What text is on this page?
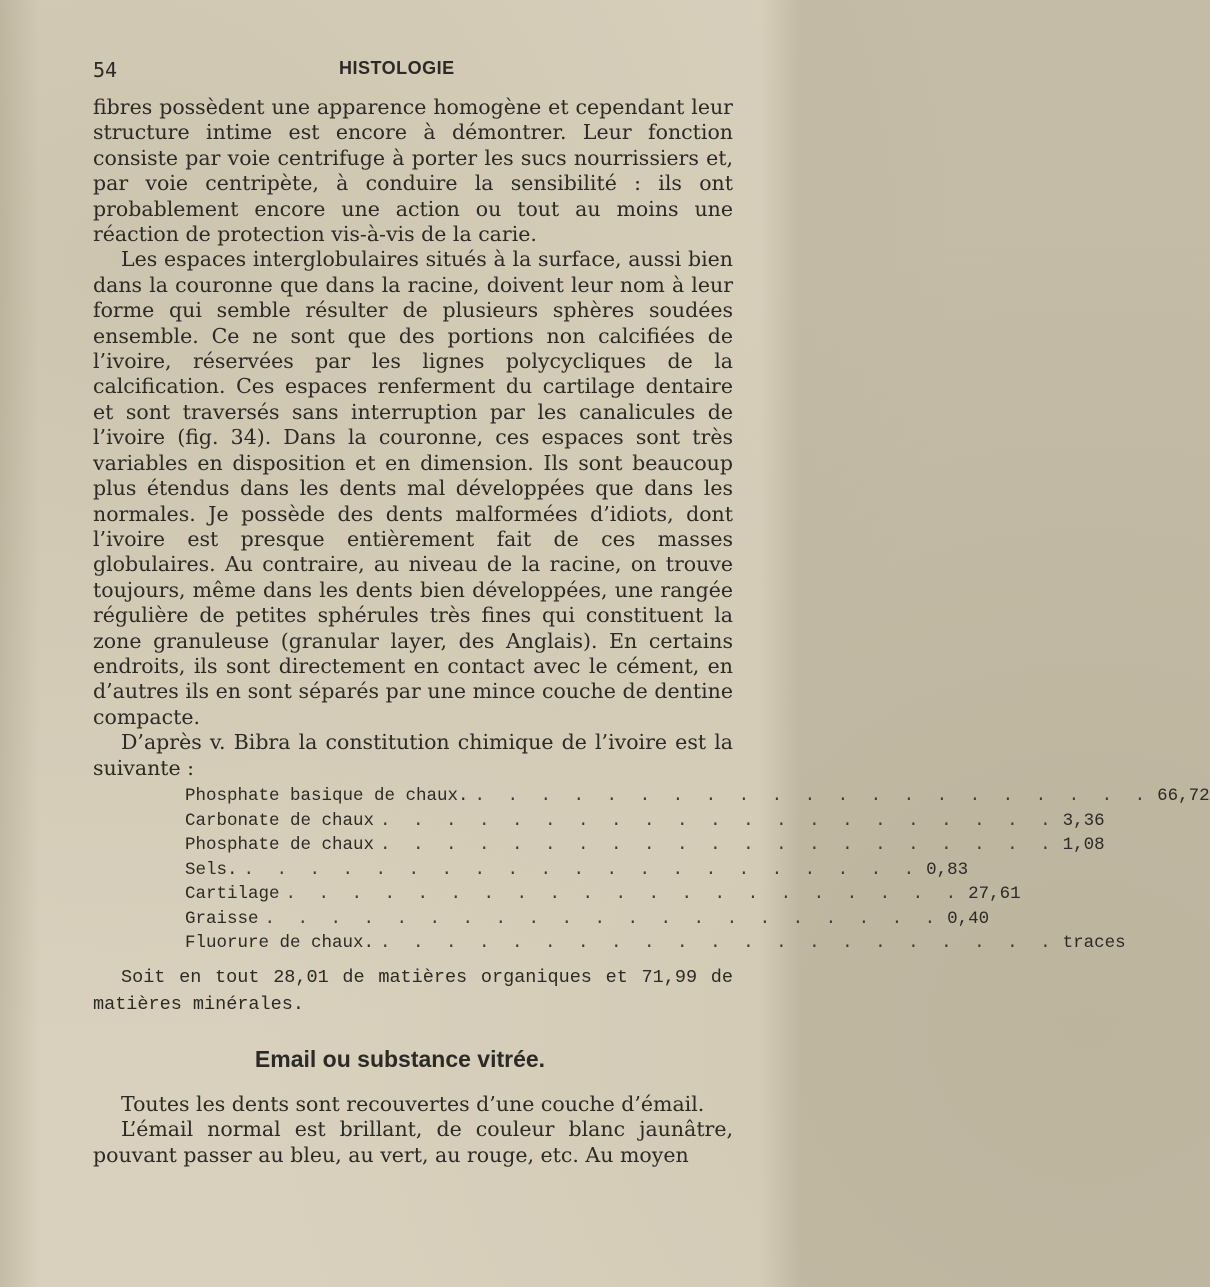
54	HISTOLOGIE

fibres possèdent une apparence homogène et cependant leur structure intime est encore à démontrer. Leur fonction consiste par voie centrifuge à porter les sucs nourrissiers et, par voie centripète, à conduire la sensibilité : ils ont probablement encore une action ou tout au moins une réaction de protection vis-à-vis de la carie.

Les espaces interglobulaires situés à la surface, aussi bien dans la couronne que dans la racine, doivent leur nom à leur forme qui semble résulter de plusieurs sphères soudées ensemble. Ce ne sont que des portions non calcifiées de l’ivoire, réservées par les lignes polycycliques de la calcification. Ces espaces renferment du cartilage dentaire et sont traversés sans interruption par les canalicules de l’ivoire (fig. 34). Dans la couronne, ces espaces sont très variables en disposition et en dimension. Ils sont beaucoup plus étendus dans les dents mal développées que dans les normales. Je possède des dents malformées d’idiots, dont l’ivoire est presque entièrement fait de ces masses globulaires. Au contraire, au niveau de la racine, on trouve toujours, même dans les dents bien développées, une rangée régulière de petites sphérules très fines qui constituent la zone granuleuse (granular layer, des Anglais). En certains endroits, ils sont directement en contact avec le cément, en d’autres ils en sont séparés par une mince couche de dentine compacte.

D’après v. Bibra la constitution chimique de l’ivoire est la suivante :

Phosphate basique de chaux. . . . . . . . . . . . . . . . . . . . . . 66,72
Carbonate de chaux . . . . . . . . . . . . . . . . . . . . . 3,36
Phosphate de chaux . . . . . . . . . . . . . . . . . . . . . 1,08
Sels. . . . . . . . . . . . . . . . . . . . . . 0,83
Cartilage . . . . . . . . . . . . . . . . . . . . . 27,61
Graisse . . . . . . . . . . . . . . . . . . . . . 0,40
Fluorure de chaux. . . . . . . . . . . . . . . . . . . . . . traces
Soit en tout 28,01 de matières organiques et 71,99 de matières minérales.
Email ou substance vitrée.

Toutes les dents sont recouvertes d’une couche d’émail.

L’émail normal est brillant, de couleur blanc jaunâtre, pouvant passer au bleu, au vert, au rouge, etc. Au moyen
